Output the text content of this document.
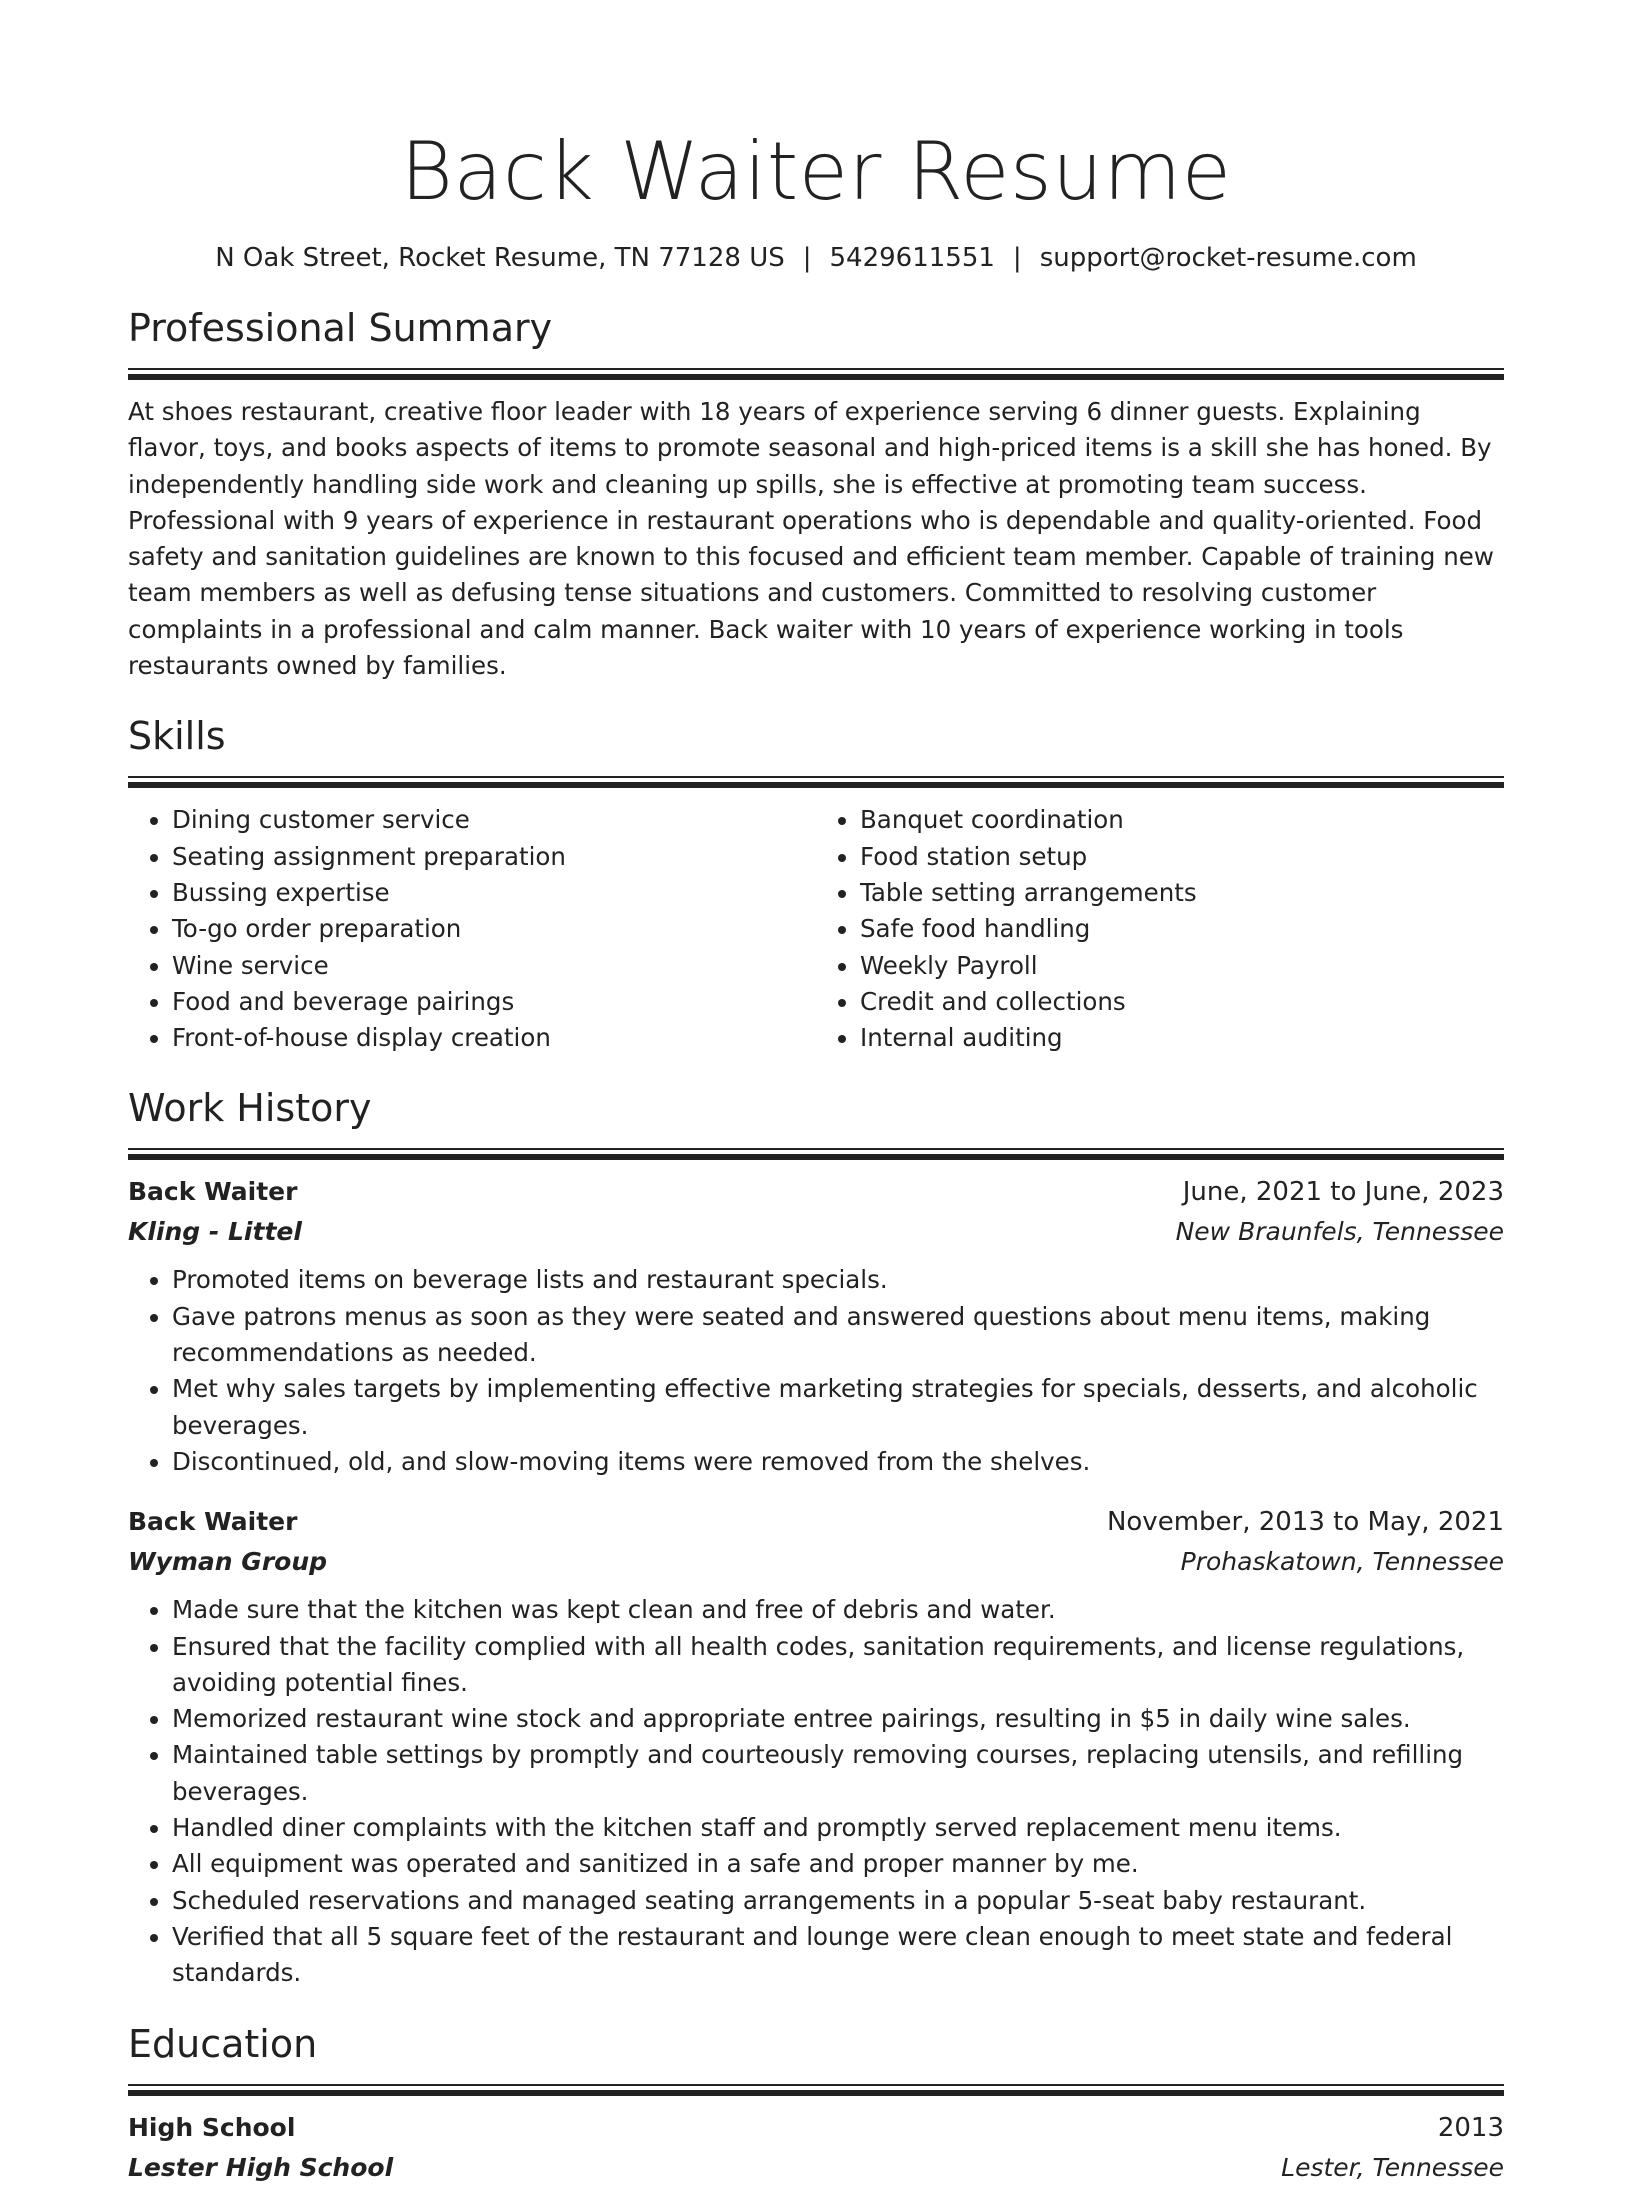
Back Waiter Resume
N Oak Street, Rocket Resume, TN 77128 US | 5429611551 | support@rocket-resume.com
Professional Summary

At shoes restaurant, creative floor leader with 18 years of experience serving 6 dinner guests. Explaining flavor, toys, and books aspects of items to promote seasonal and high-priced items is a skill she has honed. By independently handling side work and cleaning up spills, she is effective at promoting team success. Professional with 9 years of experience in restaurant operations who is dependable and quality-oriented. Food safety and sanitation guidelines are known to this focused and efficient team member. Capable of training new team members as well as defusing tense situations and customers. Committed to resolving customer complaints in a professional and calm manner. Back waiter with 10 years of experience working in tools restaurants owned by families.

Skills
• Dining customer service
• Seating assignment preparation
• Bussing expertise
• To-go order preparation
• Wine service
• Food and beverage pairings
• Front-of-house display creation
• Banquet coordination
• Food station setup
• Table setting arrangements
• Safe food handling
• Weekly Payroll
• Credit and collections
• Internal auditing
Work History
Back Waiter	June, 2021 to June, 2023
Kling - Littel	New Braunfels, Tennessee
• Promoted items on beverage lists and restaurant specials.
• Gave patrons menus as soon as they were seated and answered questions about menu items, making recommendations as needed.
• Met why sales targets by implementing effective marketing strategies for specials, desserts, and alcoholic beverages.
• Discontinued, old, and slow-moving items were removed from the shelves.
Back Waiter	November, 2013 to May, 2021
Wyman Group	Prohaskatown, Tennessee
• Made sure that the kitchen was kept clean and free of debris and water.
• Ensured that the facility complied with all health codes, sanitation requirements, and license regulations, avoiding potential fines.
• Memorized restaurant wine stock and appropriate entree pairings, resulting in $5 in daily wine sales.
• Maintained table settings by promptly and courteously removing courses, replacing utensils, and refilling beverages.
• Handled diner complaints with the kitchen staff and promptly served replacement menu items.
• All equipment was operated and sanitized in a safe and proper manner by me.
• Scheduled reservations and managed seating arrangements in a popular 5-seat baby restaurant.
• Verified that all 5 square feet of the restaurant and lounge were clean enough to meet state and federal standards.
Education
High School	2013
Lester High School	Lester, Tennessee
